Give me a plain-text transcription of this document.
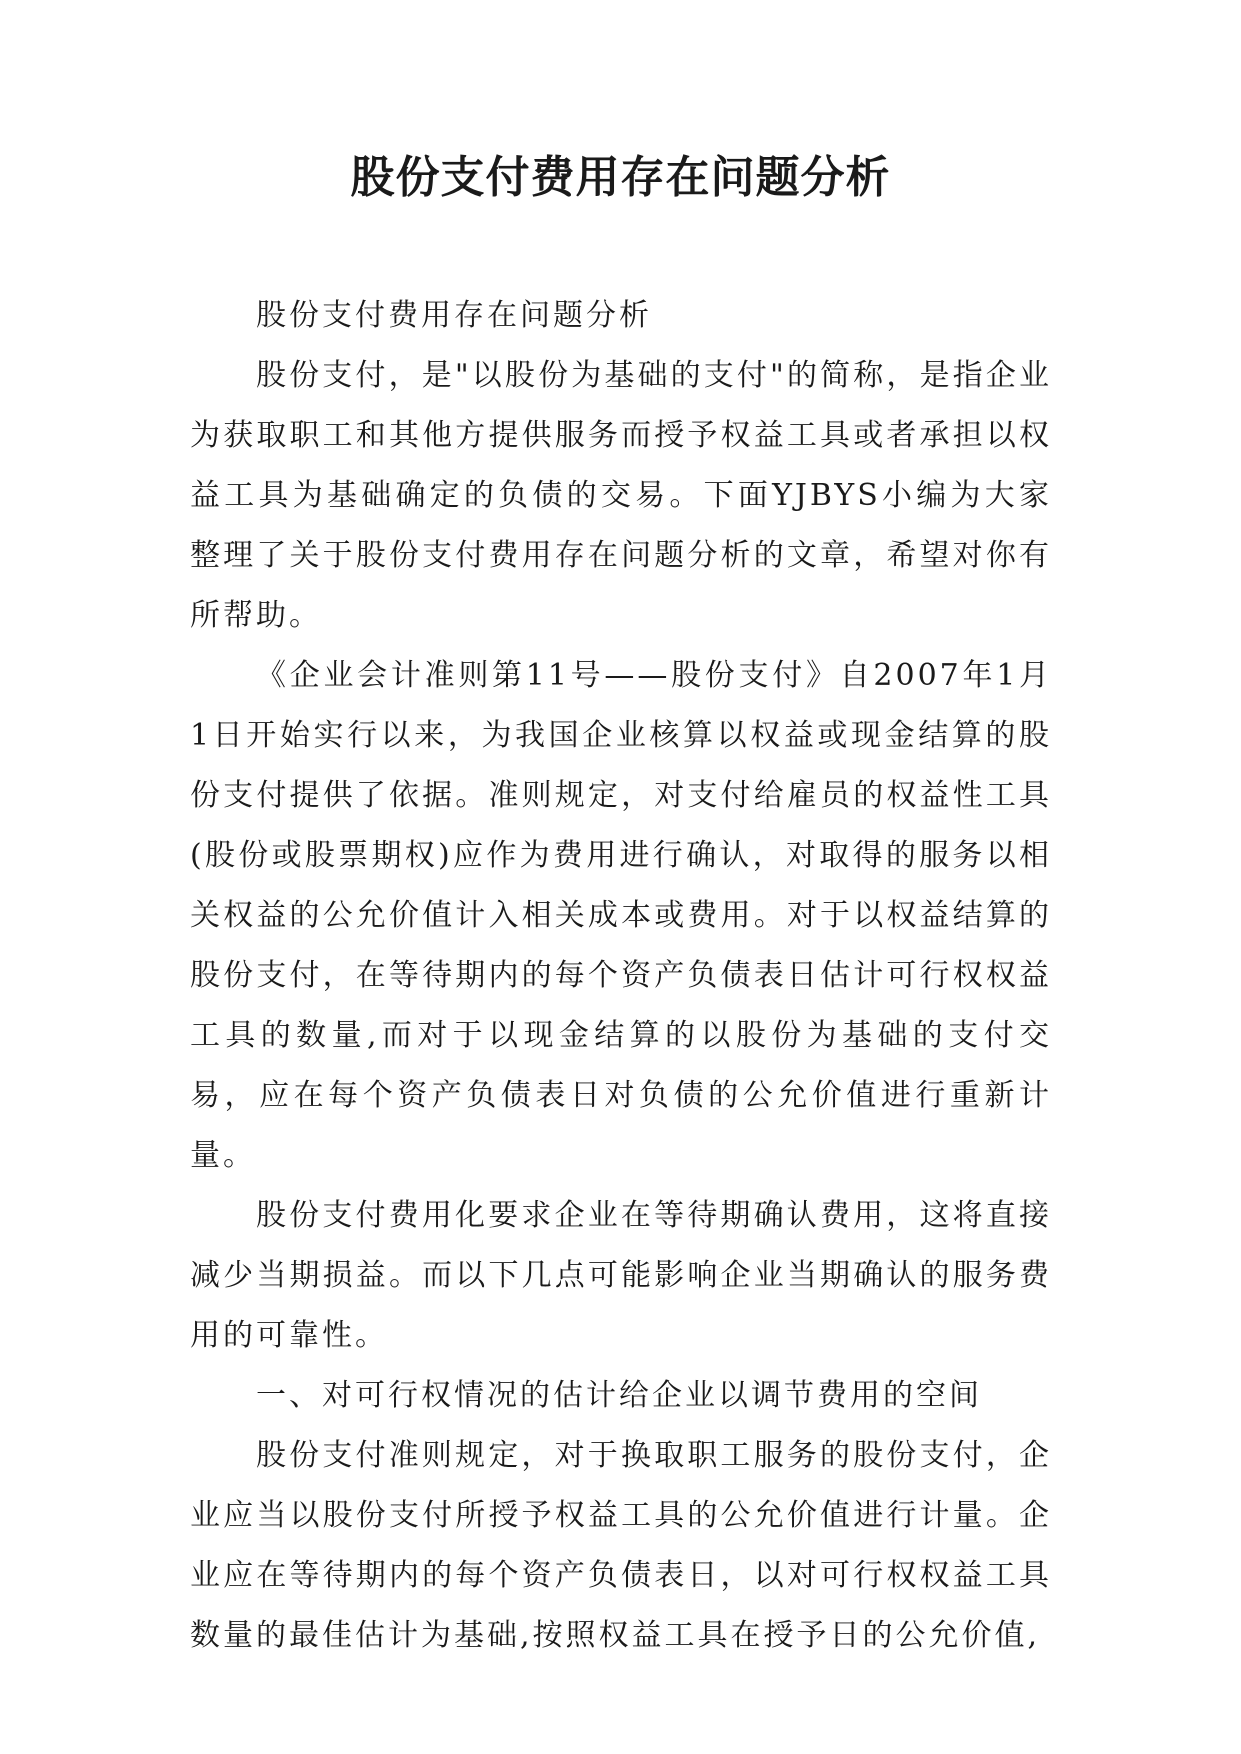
股份支付费用存在问题分析

股份支付费用存在问题分析

股份支付，是"以股份为基础的支付"的简称，是指企业为获取职工和其他方提供服务而授予权益工具或者承担以权益工具为基础确定的负债的交易。下面YJBYS小编为大家整理了关于股份支付费用存在问题分析的文章，希望对你有所帮助。

《企业会计准则第11号——股份支付》自2007年1月1日开始实行以来，为我国企业核算以权益或现金结算的股份支付提供了依据。准则规定，对支付给雇员的权益性工具(股份或股票期权)应作为费用进行确认，对取得的服务以相关权益的公允价值计入相关成本或费用。对于以权益结算的股份支付，在等待期内的每个资产负债表日估计可行权权益工具的数量,而对于以现金结算的以股份为基础的支付交易，应在每个资产负债表日对负债的公允价值进行重新计量。

股份支付费用化要求企业在等待期确认费用，这将直接减少当期损益。而以下几点可能影响企业当期确认的服务费用的可靠性。

一、对可行权情况的估计给企业以调节费用的空间

股份支付准则规定，对于换取职工服务的股份支付，企业应当以股份支付所授予权益工具的公允价值进行计量。企业应在等待期内的每个资产负债表日，以对可行权权益工具数量的最佳估计为基础,按照权益工具在授予日的公允价值,
